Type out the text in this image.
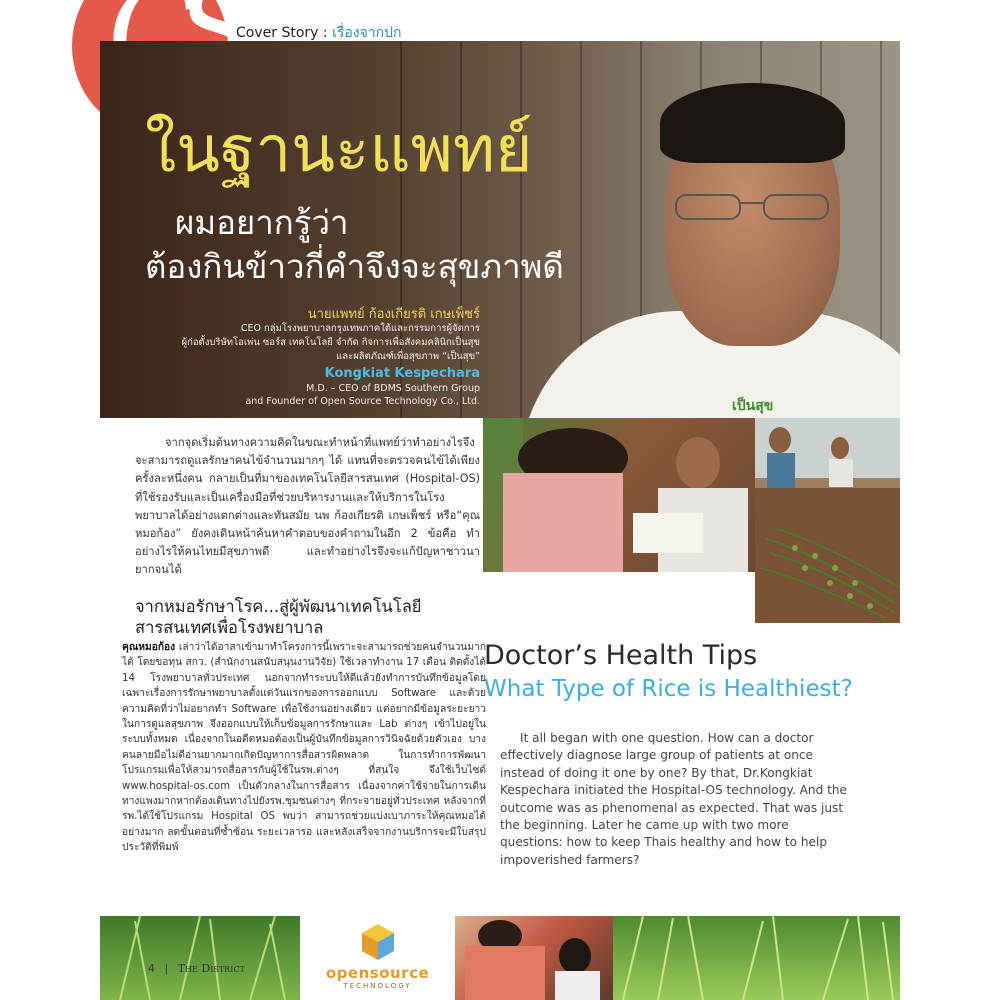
Cover Story : เรื่องจากปก
เป็นสุข
ในฐานะแพทย์
ผมอยากรู้ว่า
ต้องกินข้าวกี่คำจึงจะสุขภาพดี
นายแพทย์ ก้องเกียรติ เกษเพ็ชร์
CEO กลุ่มโรงพยาบาลกรุงเทพภาคใต้และกรรมการผู้จัดการ
ผู้ก่อตั้งบริษัทโอเพ่น ซอร์ส เทคโนโลยี จำกัด กิจการเพื่อสังคมคลินิกเป็นสุข
และผลิตภัณฑ์เพื่อสุขภาพ “เป็นสุข”
Kongkiat Kespechara
M.D. – CEO of BDMS Southern Group
and Founder of Open Source Technology Co., Ltd.
จากจุดเริ่มต้นทางความคิดในขณะทำหน้าที่แพทย์ว่าทำอย่างไรจึงจะสามารถดูแลรักษาคนไข้จำนวนมากๆ ได้ แทนที่จะตรวจคนไข้ได้เพียงครั้งละหนึ่งคน กลายเป็นที่มาของเทคโนโลยีสารสนเทศ (Hospital-OS) ที่ใช้รองรับและเป็นเครื่องมือที่ช่วยบริหารงานและให้บริการในโรงพยาบาลได้อย่างแตกต่างและทันสมัย นพ ก้องเกียรติ เกษเพ็ชร์ หรือ“คุณหมอก้อง” ยังคงเดินหน้าค้นหาคำตอบของคำถามในอีก 2 ข้อคือ ทำอย่างไรให้คนไทยมีสุขภาพดี และทำอย่างไรจึงจะแก้ปัญหาชาวนายากจนได้
จากหมอรักษาโรค...สู่ผู้พัฒนาเทคโนโลยี
สารสนเทศเพื่อโรงพยาบาล
คุณหมอก้อง เล่าว่าได้อาสาเข้ามาทำโครงการนี้เพราะจะสามารถช่วยคนจำนวนมากได้ โดยขอทุน สกว. (สำนักงานสนับสนุนงานวิจัย) ใช้เวลาทำงาน 17 เดือน ติดตั้งได้ 14 โรงพยาบาลทั่วประเทศ นอกจากทำระบบให้ดีแล้วยังทำการบันทึกข้อมูลโดยเฉพาะเรื่องการรักษาพยาบาลตั้งแต่วันแรกของการออกแบบ Software และด้วยความคิดที่ว่าไม่อยากทำ Software เพื่อใช้งานอย่างเดียว แต่อยากมีข้อมูลระยะยาวในการดูแลสุขภาพ จึงออกแบบให้เก็บข้อมูลการรักษาและ Lab ต่างๆ เข้าไปอยู่ในระบบทั้งหมด เนื่องจากในอดีตหมอต้องเป็นผู้บันทึกข้อมูลการวินิจฉัยด้วยตัวเอง บางคนลายมือไม่ดีอ่านยากมากเกิดปัญหาการสื่อสารผิดพลาด ในการทำการพัฒนาโปรแกรมเพื่อให้สามารถสื่อสารกับผู้ใช้ในรพ.ต่างๆ ที่สนใจ จึงใช้เว็บไซต์ www.hospital-os.com เป็นตัวกลางในการสื่อสาร เนื่องจากค่าใช้จ่ายในการเดินทางแพงมากหากต้องเดินทางไปยังรพ.ชุมชนต่างๆ ที่กระจายอยู่ทั่วประเทศ หลังจากที่รพ.ได้ใช้โปรแกรม Hospital OS พบว่า สามารถช่วยแบ่งเบาภาระให้คุณหมอได้อย่างมาก ลดขั้นตอนที่ซ้ำซ้อน ระยะเวลารอ และหลังเสร็จจากงานบริการจะมีใบสรุปประวัติที่พิมพ์
Doctor’s Health Tips
What Type of Rice is Healthiest?
It all began with one question. How can a doctor effectively diagnose large group of patients at once instead of doing it one by one? By that, Dr.Kongkiat Kespechara initiated the Hospital-OS technology. And the outcome was as phenomenal as expected. That was just the beginning. Later he came up with two more questions: how to keep Thais healthy and how to help impoverished farmers?
opensource
TECHNOLOGY
4 | The District
